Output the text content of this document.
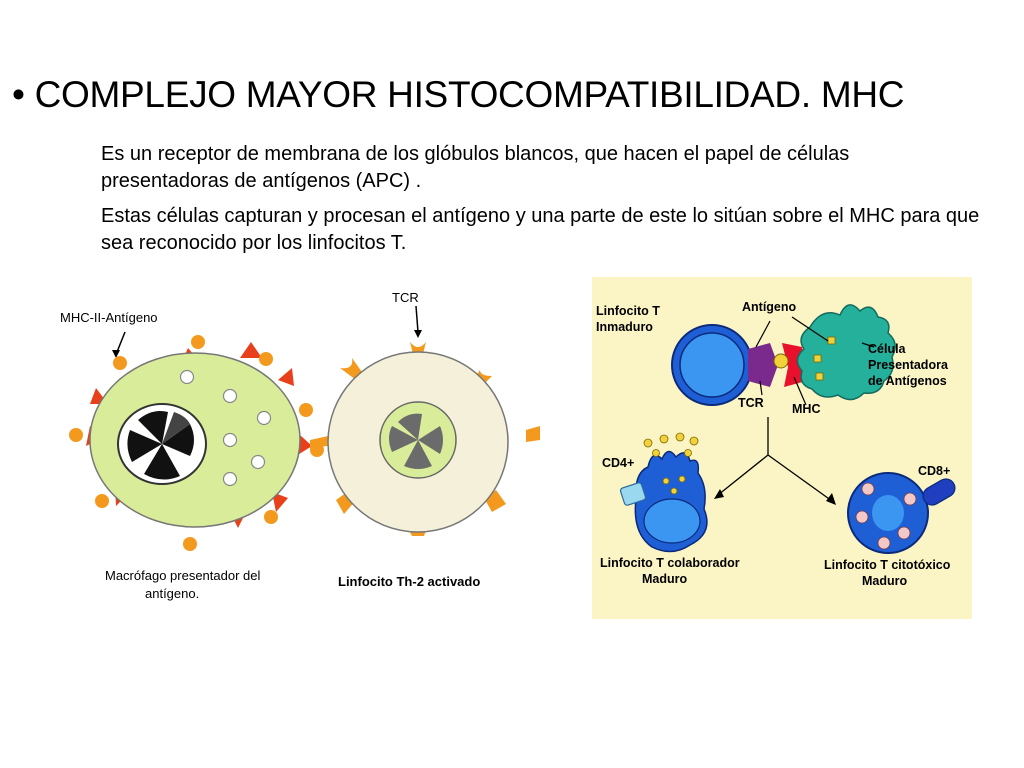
• COMPLEJO MAYOR HISTOCOMPATIBILIDAD. MHC

Es un receptor de membrana de los glóbulos blancos, que hacen el papel de células presentadoras de antígenos (APC) .

Estas células capturan y procesan el antígeno y una parte de este lo sitúan sobre el MHC para que sea reconocido por los linfocitos T.

MHC-II-Antígeno
TCR
Macrófago presentador del
antígeno.
Linfocito Th-2 activado
Linfocito T
Inmaduro
Antígeno
Célula
Presentadora
de Antígenos
TCR MHC
CD4+
CD8+
Linfocito T colaborador
Maduro
Linfocito T citotóxico
Maduro
